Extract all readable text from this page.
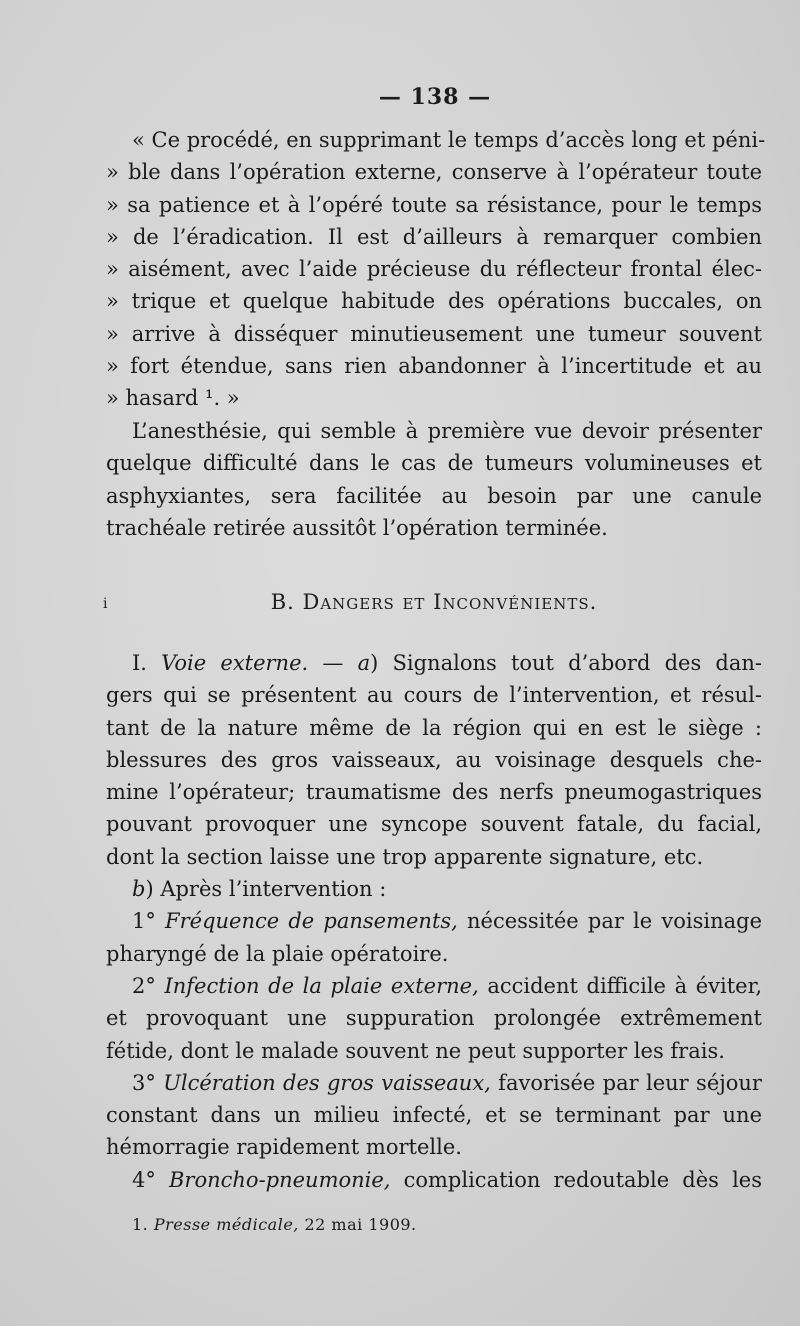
— 138 —
« Ce procédé, en supprimant le temps d’accès long et péni-
» ble dans l’opération externe, conserve à l’opérateur toute
» sa patience et à l’opéré toute sa résistance, pour le temps
» de l’éradication. Il est d’ailleurs à remarquer combien
» aisément, avec l’aide précieuse du réflecteur frontal élec-
» trique et quelque habitude des opérations buccales, on
» arrive à disséquer minutieusement une tumeur souvent
» fort étendue, sans rien abandonner à l’incertitude et au
» hasard ¹. »
L’anesthésie, qui semble à première vue devoir présenter
quelque difficulté dans le cas de tumeurs volumineuses et
asphyxiantes, sera facilitée au besoin par une canule
trachéale retirée aussitôt l’opération terminée.
i	B. Dangers et Inconvénients.
I. Voie externe. — a) Signalons tout d’abord des dan-
gers qui se présentent au cours de l’intervention, et résul-
tant de la nature même de la région qui en est le siège :
blessures des gros vaisseaux, au voisinage desquels che-
mine l’opérateur; traumatisme des nerfs pneumogastriques
pouvant provoquer une syncope souvent fatale, du facial,
dont la section laisse une trop apparente signature, etc.
b) Après l’intervention :
1° Fréquence de pansements, nécessitée par le voisinage
pharyngé de la plaie opératoire.
2° Infection de la plaie externe, accident difficile à éviter,
et provoquant une suppuration prolongée extrêmement
fétide, dont le malade souvent ne peut supporter les frais.
3° Ulcération des gros vaisseaux, favorisée par leur séjour
constant dans un milieu infecté, et se terminant par une
hémorragie rapidement mortelle.
4° Broncho-pneumonie, complication redoutable dès les
1. Presse médicale, 22 mai 1909.
